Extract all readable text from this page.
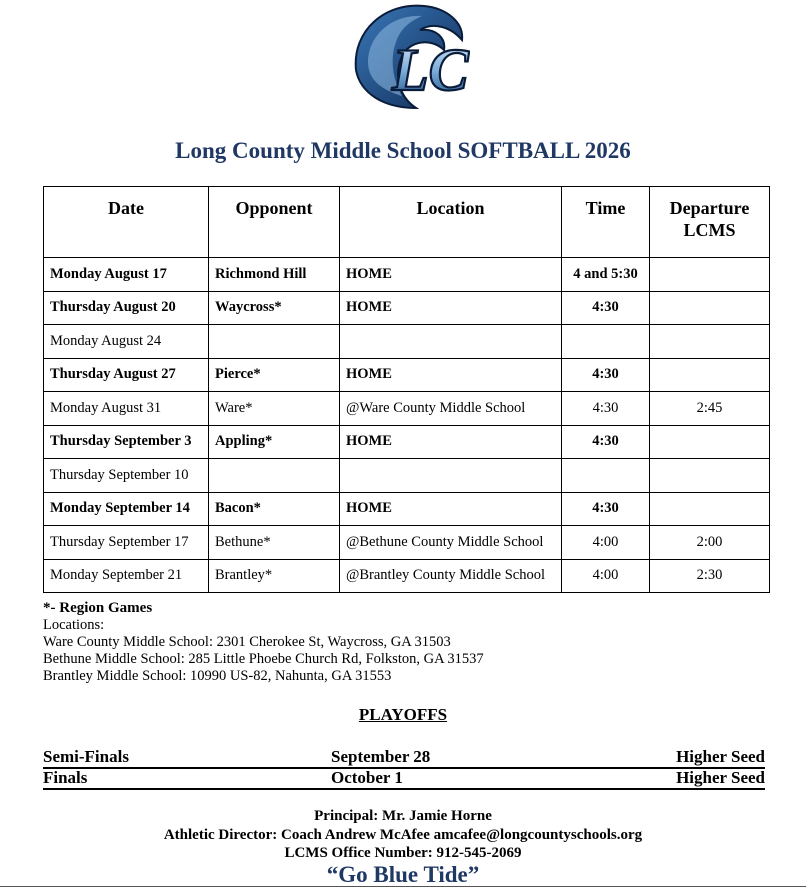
LC
Long County Middle School SOFTBALL 2026
Date	Opponent	Location	Time	Departure
LCMS
Monday August 17	Richmond Hill	HOME	4 and 5:30	
Thursday August 20	Waycross*	HOME	4:30	
Monday August 24				
Thursday August 27	Pierce*	HOME	4:30	
Monday August 31	Ware*	@Ware County Middle School	4:30	2:45
Thursday September 3	Appling*	HOME	4:30	
Thursday September 10				
Monday September 14	Bacon*	HOME	4:30	
Thursday September 17	Bethune*	@Bethune County Middle School	4:00	2:00
Monday September 21	Brantley*	@Brantley County Middle School	4:00	2:30
*- Region Games
Locations:
Ware County Middle School: 2301 Cherokee St, Waycross, GA 31503
Bethune Middle School: 285 Little Phoebe Church Rd, Folkston, GA 31537
Brantley Middle School: 10990 US-82, Nahunta, GA 31553
PLAYOFFS
Semi-Finals	September 28	Higher Seed
Finals	October 1	Higher Seed
Principal: Mr. Jamie Horne
Athletic Director: Coach Andrew McAfee amcafee@longcountyschools.org
LCMS Office Number: 912-545-2069
“Go Blue Tide”
